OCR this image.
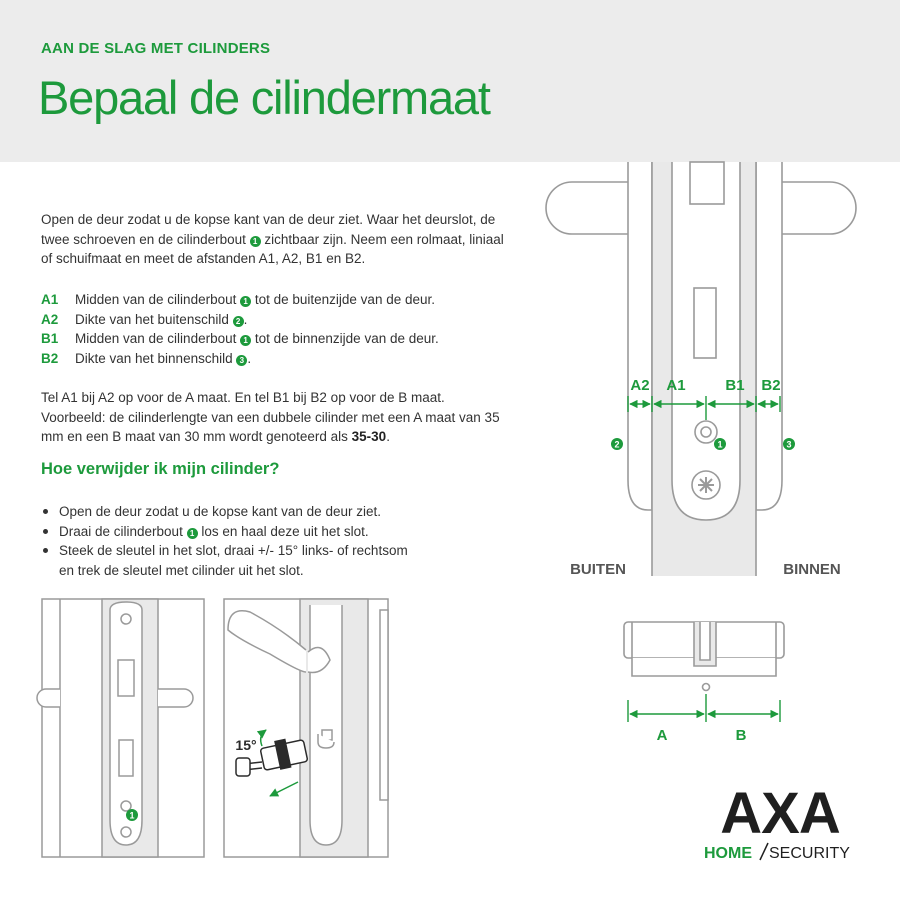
AAN DE SLAG MET CILINDERS
Bepaal de cilindermaat
Open de deur zodat u de kopse kant van de deur ziet. Waar het deurslot, de
twee schroeven en de cilinderbout 1 zichtbaar zijn. Neem een rolmaat, liniaal
of schuifmaat en meet de afstanden A1, A2, B1 en B2.
A1 Midden van de cilinderbout 1 tot de buitenzijde van de deur.
A2 Dikte van het buitenschild 2 .
B1 Midden van de cilinderbout 1 tot de binnenzijde van de deur.
B2 Dikte van het binnenschild 3 .
Tel A1 bij A2 op voor de A maat. En tel B1 bij B2 op voor de B maat.
Voorbeeld: de cilinderlengte van een dubbele cilinder met een A maat van 35
mm en een B maat van 30 mm wordt genoteerd als 35-30.
Hoe verwijder ik mijn cilinder?
Open de deur zodat u de kopse kant van de deur ziet.
Draai de cilinderbout 1 los en haal deze uit het slot.
Steek de sleutel in het slot, draai +/- 15° links- of rechtsom
en trek de sleutel met cilinder uit het slot.
A2 A1	B1 B2
2	1	3
BUITEN	BINNEN
A	B
1
15°
AXA
HOME SECURITY
